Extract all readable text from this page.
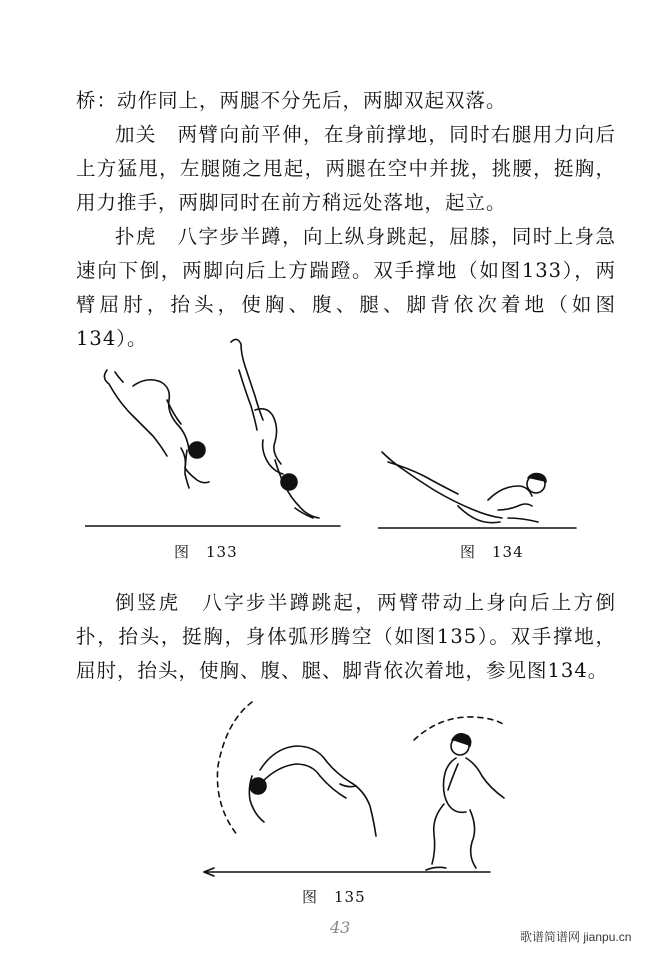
桥：动作同上，两腿不分先后，两脚双起双落。

加关　 两臂向前平伸，在身前撑地，同时右腿用力向后上方猛甩，左腿随之甩起，两腿在空中并拢，挑腰，挺胸，用力推手，两脚同时在前方稍远处落地，起立。

扑虎　 八字步半蹲，向上纵身跳起，屈膝，同时上身急速向下倒，两脚向后上方踹蹬。双手撑地（如图133），两臂屈肘，抬头，使胸、腹、腿、脚背依次着地（如图134）。

图　133	图　134

倒竖虎　 八字步半蹲跳起，两臂带动上身向后上方倒扑，抬头，挺胸，身体弧形腾空（如图135）。双手撑地，屈肘，抬头，使胸、腹、腿、脚背依次着地，参见图134。

图　135
43	歌谱简谱网 jianpu.cn
